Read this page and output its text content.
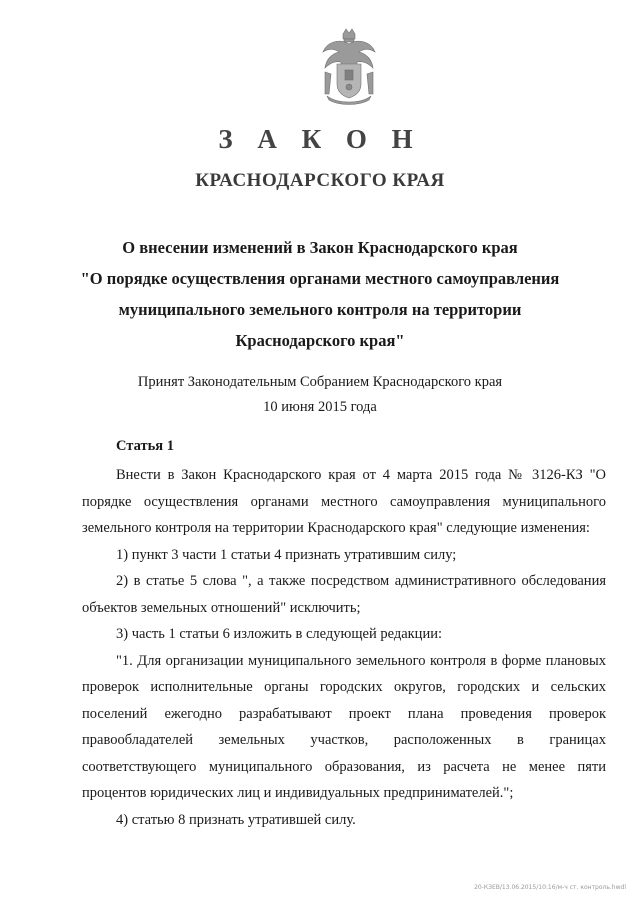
З А К О Н
КРАСНОДАРСКОГО КРАЯ
О внесении изменений в Закон Краснодарского края
"О порядке осуществления органами местного самоуправления
муниципального земельного контроля на территории
Краснодарского края"
Принят Законодательным Собранием Краснодарского края
10 июня 2015 года
Статья 1

Внести в Закон Краснодарского края от 4 марта 2015 года № 3126-КЗ "О порядке осуществления органами местного самоуправления муниципального земельного контроля на территории Краснодарского края" следующие изменения:

1) пункт 3 части 1 статьи 4 признать утратившим силу;

2) в статье 5 слова ", а также посредством административного обследования объектов земельных отношений" исключить;

3) часть 1 статьи 6 изложить в следующей редакции:

"1. Для организации муниципального земельного контроля в форме плановых проверок исполнительные органы городских округов, городских и сельских поселений ежегодно разрабатывают проект плана проведения проверок правообладателей земельных участков, расположенных в границах соответствующего муниципального образования, из расчета не менее пяти процентов юридических лиц и индивидуальных предпринимателей.";

4) статью 8 признать утратившей силу.

20-КЗЕВ/13.06.2015/10:16/м-ч ст. контроль.hwdl
